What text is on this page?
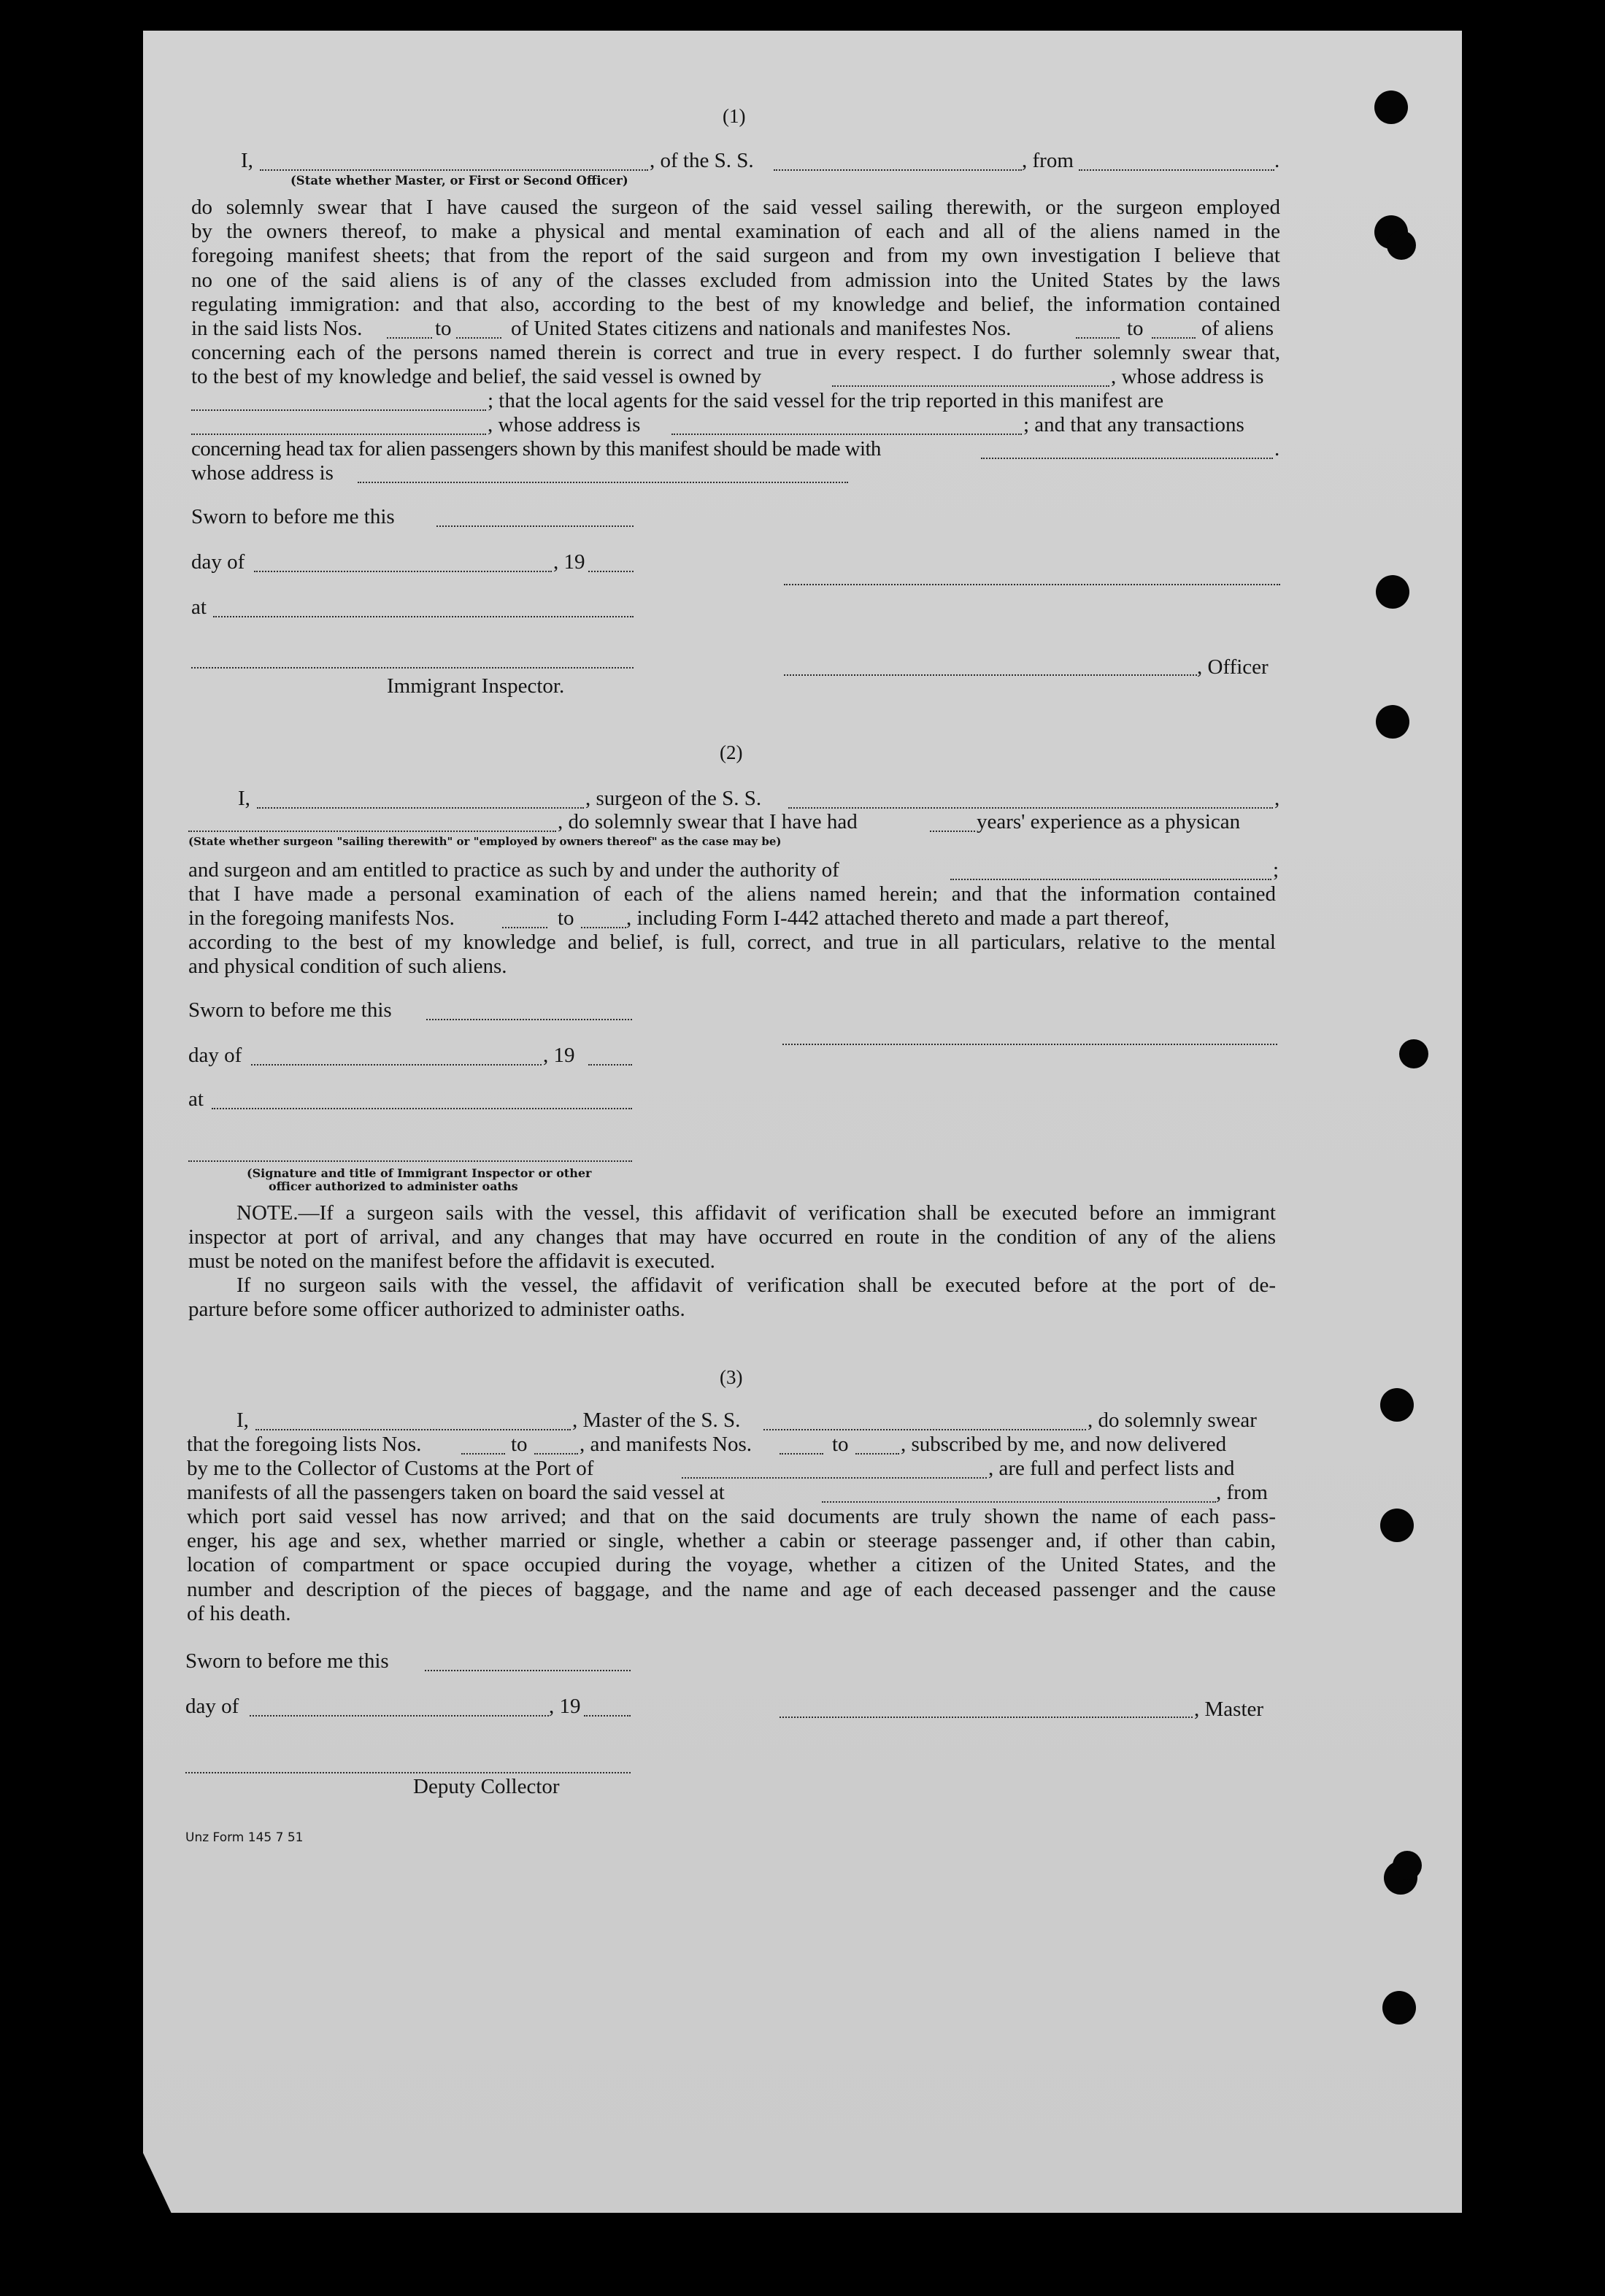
(1)
I,	, of the S. S.	, from	.
(State whether Master, or First or Second Officer)
do solemnly swear that I have caused the surgeon of the said vessel sailing therewith, or the surgeon employed
by the owners thereof, to make a physical and mental examination of each and all of the aliens named in the
foregoing manifest sheets; that from the report of the said surgeon and from my own investigation I believe that
no one of the said aliens is of any of the classes excluded from admission into the United States by the laws
regulating immigration: and that also, according to the best of my knowledge and belief, the information contained
in the said lists Nos.	to	of United States citizens and nationals and manifestes Nos.	to	of aliens
concerning each of the persons named therein is correct and true in every respect. I do further solemnly swear that,
to the best of my knowledge and belief, the said vessel is owned by	, whose address is
; that the local agents for the said vessel for the trip reported in this manifest are
, whose address is	; and that any transactions
concerning head tax for alien passengers shown by this manifest should be made with	.
whose address is
Sworn to before me this
day of	, 19
at
Immigrant Inspector.
, Officer
(2)
I,	, surgeon of the S. S.	,
, do solemnly swear that I have had	years' experience as a physican
(State whether surgeon "sailing therewith" or "employed by owners thereof" as the case may be)
and surgeon and am entitled to practice as such by and under the authority of	;
that I have made a personal examination of each of the aliens named herein; and that the information contained
in the foregoing manifests Nos.	to , including Form I-442 attached thereto and made a part thereof,
according to the best of my knowledge and belief, is full, correct, and true in all particulars, relative to the mental
and physical condition of such aliens.
Sworn to before me this
day of	, 19
at
(Signature and title of Immigrant Inspector or other
officer authorized to administer oaths
NOTE.—If a surgeon sails with the vessel, this affidavit of verification shall be executed before an immigrant
inspector at port of arrival, and any changes that may have occurred en route in the condition of any of the aliens
must be noted on the manifest before the affidavit is executed.
If no surgeon sails with the vessel, the affidavit of verification shall be executed before at the port of de-
parture before some officer authorized to administer oaths.
(3)
I,	, Master of the S. S.	, do solemnly swear
that the foregoing lists Nos.	to , and manifests Nos.	to , subscribed by me, and now delivered
by me to the Collector of Customs at the Port of	, are full and perfect lists and
manifests of all the passengers taken on board the said vessel at	, from
which port said vessel has now arrived; and that on the said documents are truly shown the name of each pass-
enger, his age and sex, whether married or single, whether a cabin or steerage passenger and, if other than cabin,
location of compartment or space occupied during the voyage, whether a citizen of the United States, and the
number and description of the pieces of baggage, and the name and age of each deceased passenger and the cause
of his death.
Sworn to before me this
day of	, 19	, Master
Deputy Collector
Unz Form 145 7 51
